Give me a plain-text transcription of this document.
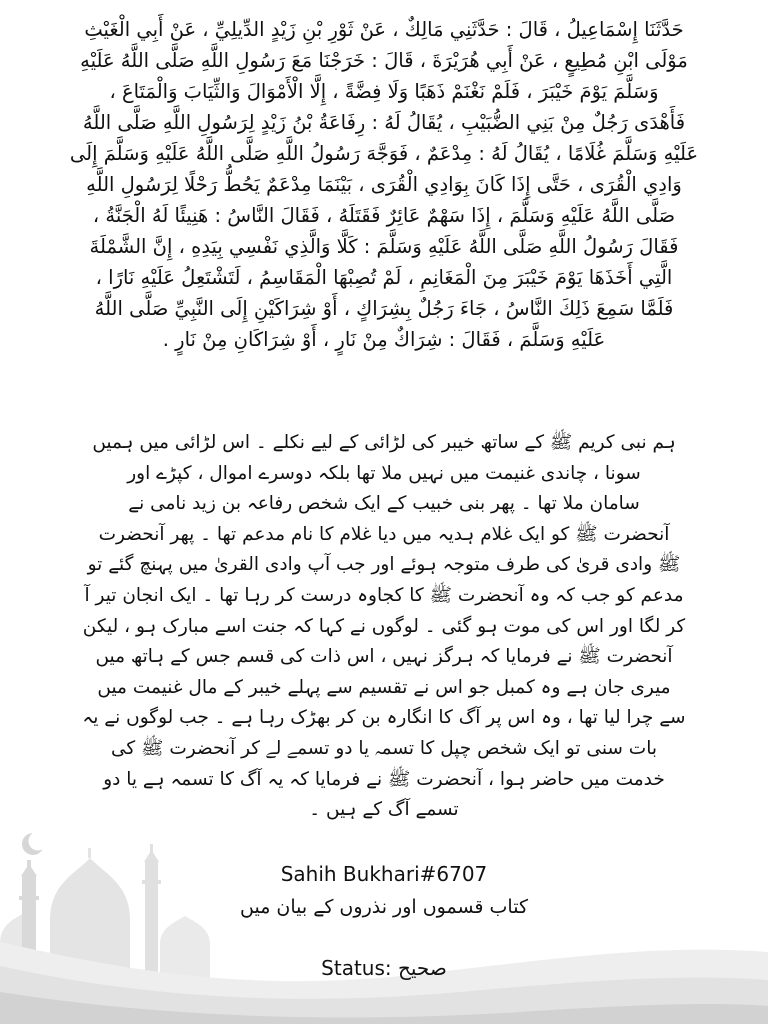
حَدَّثَنَا إِسْمَاعِيلُ ، قَالَ : حَدَّثَنِي مَالِكٌ ، عَنْ ثَوْرِ بْنِ زَيْدٍ الدِّيلِيِّ ، عَنْ أَبِي الْغَيْثِ
مَوْلَى ابْنِ مُطِيعٍ ، عَنْ أَبِي هُرَيْرَةَ ، قَالَ : خَرَجْنَا مَعَ رَسُولِ اللَّهِ صَلَّى اللَّهُ عَلَيْهِ
وَسَلَّمَ يَوْمَ خَيْبَرَ ، فَلَمْ نَغْنَمْ ذَهَبًا وَلَا فِضَّةً ، إِلَّا الْأَمْوَالَ وَالثِّيَابَ وَالْمَتَاعَ ،
فَأَهْدَى رَجُلٌ مِنْ بَنِي الضُّبَيْبِ ، يُقَالُ لَهُ : رِفَاعَةُ بْنُ زَيْدٍ لِرَسُولِ اللَّهِ صَلَّى اللَّهُ
عَلَيْهِ وَسَلَّمَ غُلَامًا ، يُقَالُ لَهُ : مِدْعَمٌ ، فَوَجَّهَ رَسُولُ اللَّهِ صَلَّى اللَّهُ عَلَيْهِ وَسَلَّمَ إِلَى
وَادِي الْقُرَى ، حَتَّى إِذَا كَانَ بِوَادِي الْقُرَى ، بَيْنَمَا مِدْعَمٌ يَحُطُّ رَحْلًا لِرَسُولِ اللَّهِ
صَلَّى اللَّهُ عَلَيْهِ وَسَلَّمَ ، إِذَا سَهْمٌ عَائِرٌ فَقَتَلَهُ ، فَقَالَ النَّاسُ : هَنِيئًا لَهُ الْجَنَّةُ ،
فَقَالَ رَسُولُ اللَّهِ صَلَّى اللَّهُ عَلَيْهِ وَسَلَّمَ : كَلَّا وَالَّذِي نَفْسِي بِيَدِهِ ، إِنَّ الشَّمْلَةَ
الَّتِي أَخَذَهَا يَوْمَ خَيْبَرَ مِنَ الْمَغَانِمِ ، لَمْ تُصِبْهَا الْمَقَاسِمُ ، لَتَشْتَعِلُ عَلَيْهِ نَارًا ،
فَلَمَّا سَمِعَ ذَلِكَ النَّاسُ ، جَاءَ رَجُلٌ بِشِرَاكٍ ، أَوْ شِرَاكَيْنِ إِلَى النَّبِيِّ صَلَّى اللَّهُ
عَلَيْهِ وَسَلَّمَ ، فَقَالَ : شِرَاكٌ مِنْ نَارٍ ، أَوْ شِرَاكَانِ مِنْ نَارٍ .
ہم نبی کریم ﷺ کے ساتھ خیبر کی لڑائی کے لیے نکلے ۔ اس لڑائی میں ہمیں
سونا ، چاندی غنیمت میں نہیں ملا تھا بلکہ دوسرے اموال ، کپڑے اور
سامان ملا تھا ۔ پھر بنی خبیب کے ایک شخص رفاعہ بن زید نامی نے
آنحضرت ﷺ کو ایک غلام ہدیہ میں دیا غلام کا نام مدعم تھا ۔ پھر آنحضرت
ﷺ وادی قریٰ کی طرف متوجہ ہوئے اور جب آپ وادی القریٰ میں پہنچ گئے تو
مدعم کو جب کہ وہ آنحضرت ﷺ کا کجاوہ درست کر رہا تھا ۔ ایک انجان تیر آ
کر لگا اور اس کی موت ہو گئی ۔ لوگوں نے کہا کہ جنت اسے مبارک ہو ، لیکن
آنحضرت ﷺ نے فرمایا کہ ہرگز نہیں ، اس ذات کی قسم جس کے ہاتھ میں
میری جان ہے وہ کمبل جو اس نے تقسیم سے پہلے خیبر کے مال غنیمت میں
سے چرا لیا تھا ، وہ اس پر آگ کا انگارہ بن کر بھڑک رہا ہے ۔ جب لوگوں نے یہ
بات سنی تو ایک شخص چپل کا تسمہ یا دو تسمے لے کر آنحضرت ﷺ کی
خدمت میں حاضر ہوا ، آنحضرت ﷺ نے فرمایا کہ یہ آگ کا تسمہ ہے یا دو
تسمے آگ کے ہیں ۔
Sahih Bukhari#6707
کتاب قسموں اور نذروں کے بیان میں
Status: صحیح
